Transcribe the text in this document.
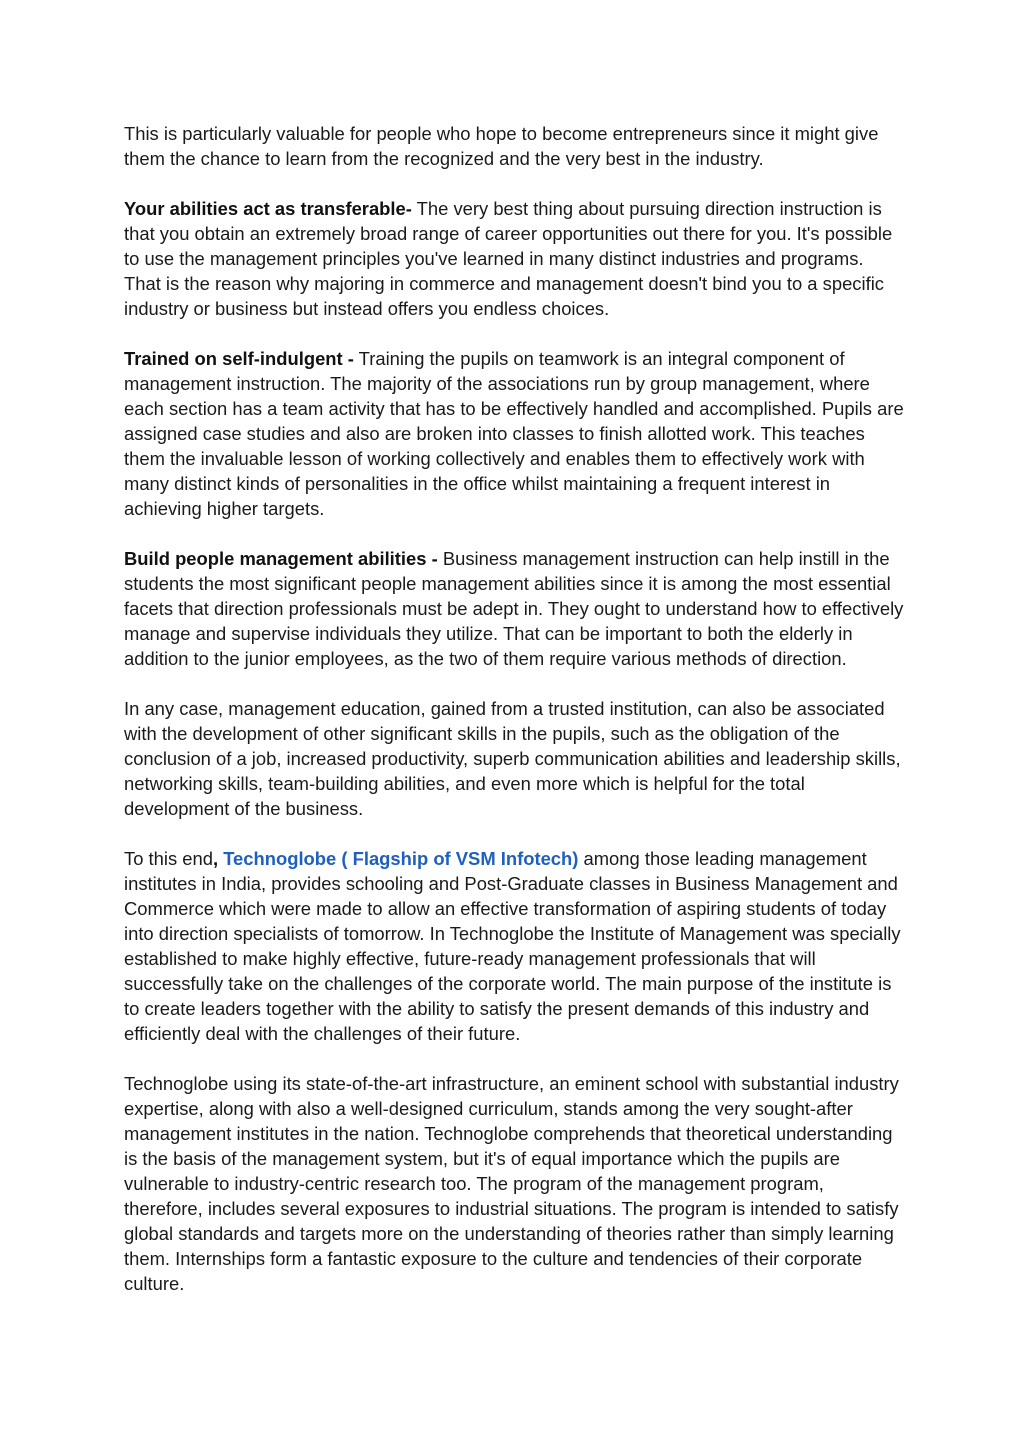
This is particularly valuable for people who hope to become entrepreneurs since it might give them the chance to learn from the recognized and the very best in the industry.

Your abilities act as transferable- The very best thing about pursuing direction instruction is that you obtain an extremely broad range of career opportunities out there for you. It's possible to use the management principles you've learned in many distinct industries and programs. That is the reason why majoring in commerce and management doesn't bind you to a specific industry or business but instead offers you endless choices.

Trained on self-indulgent - Training the pupils on teamwork is an integral component of management instruction. The majority of the associations run by group management, where each section has a team activity that has to be effectively handled and accomplished. Pupils are assigned case studies and also are broken into classes to finish allotted work. This teaches them the invaluable lesson of working collectively and enables them to effectively work with many distinct kinds of personalities in the office whilst maintaining a frequent interest in achieving higher targets.

Build people management abilities - Business management instruction can help instill in the students the most significant people management abilities since it is among the most essential facets that direction professionals must be adept in. They ought to understand how to effectively manage and supervise individuals they utilize. That can be important to both the elderly in addition to the junior employees, as the two of them require various methods of direction.

In any case, management education, gained from a trusted institution, can also be associated with the development of other significant skills in the pupils, such as the obligation of the conclusion of a job, increased productivity, superb communication abilities and leadership skills, networking skills, team-building abilities, and even more which is helpful for the total development of the business.

To this end, Technoglobe ( Flagship of VSM Infotech) among those leading management institutes in India, provides schooling and Post-Graduate classes in Business Management and Commerce which were made to allow an effective transformation of aspiring students of today into direction specialists of tomorrow. In Technoglobe the Institute of Management was specially established to make highly effective, future-ready management professionals that will successfully take on the challenges of the corporate world. The main purpose of the institute is to create leaders together with the ability to satisfy the present demands of this industry and efficiently deal with the challenges of their future.

Technoglobe using its state-of-the-art infrastructure, an eminent school with substantial industry expertise, along with also a well-designed curriculum, stands among the very sought-after management institutes in the nation. Technoglobe comprehends that theoretical understanding is the basis of the management system, but it's of equal importance which the pupils are vulnerable to industry-centric research too. The program of the management program, therefore, includes several exposures to industrial situations. The program is intended to satisfy global standards and targets more on the understanding of theories rather than simply learning them. Internships form a fantastic exposure to the culture and tendencies of their corporate culture.
